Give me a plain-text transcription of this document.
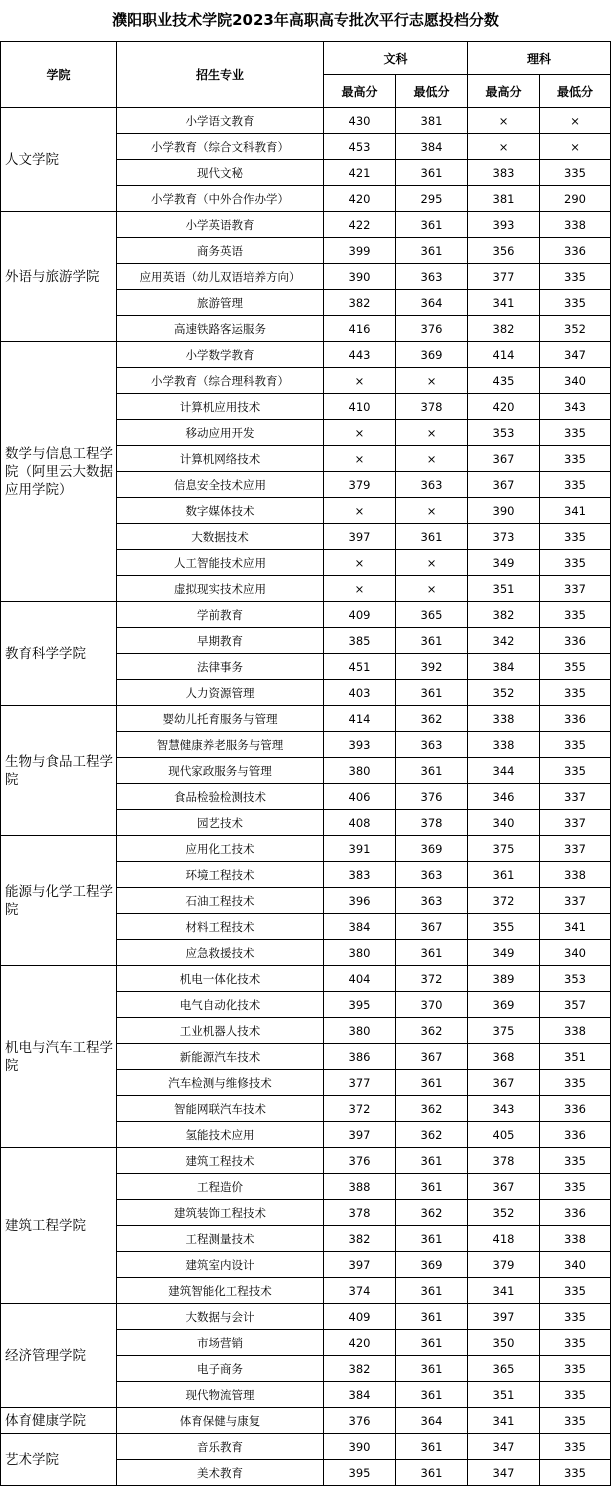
濮阳职业技术学院2023年高职高专批次平行志愿投档分数
学院	招生专业	文科		理科	
		最高分	最低分	最高分	最低分
人文学院	小学语文教育	430	381	×	×
	小学教育（综合文科教育）	453	384	×	×
	现代文秘	421	361	383	335
	小学教育（中外合作办学）	420	295	381	290
外语与旅游学院	小学英语教育	422	361	393	338
	商务英语	399	361	356	336
	应用英语（幼儿双语培养方向）	390	363	377	335
	旅游管理	382	364	341	335
	高速铁路客运服务	416	376	382	352
数学与信息工程学院（阿里云大数据应用学院）	小学数学教育	443	369	414	347
	小学教育（综合理科教育）	×	×	435	340
	计算机应用技术	410	378	420	343
	移动应用开发	×	×	353	335
	计算机网络技术	×	×	367	335
	信息安全技术应用	379	363	367	335
	数字媒体技术	×	×	390	341
	大数据技术	397	361	373	335
	人工智能技术应用	×	×	349	335
	虚拟现实技术应用	×	×	351	337
教育科学学院	学前教育	409	365	382	335
	早期教育	385	361	342	336
	法律事务	451	392	384	355
	人力资源管理	403	361	352	335
生物与食品工程学院	婴幼儿托育服务与管理	414	362	338	336
	智慧健康养老服务与管理	393	363	338	335
	现代家政服务与管理	380	361	344	335
	食品检验检测技术	406	376	346	337
	园艺技术	408	378	340	337
能源与化学工程学院	应用化工技术	391	369	375	337
	环境工程技术	383	363	361	338
	石油工程技术	396	363	372	337
	材料工程技术	384	367	355	341
	应急救援技术	380	361	349	340
机电与汽车工程学院	机电一体化技术	404	372	389	353
	电气自动化技术	395	370	369	357
	工业机器人技术	380	362	375	338
	新能源汽车技术	386	367	368	351
	汽车检测与维修技术	377	361	367	335
	智能网联汽车技术	372	362	343	336
	氢能技术应用	397	362	405	336
建筑工程学院	建筑工程技术	376	361	378	335
	工程造价	388	361	367	335
	建筑装饰工程技术	378	362	352	336
	工程测量技术	382	361	418	338
	建筑室内设计	397	369	379	340
	建筑智能化工程技术	374	361	341	335
经济管理学院	大数据与会计	409	361	397	335
	市场营销	420	361	350	335
	电子商务	382	361	365	335
	现代物流管理	384	361	351	335
体育健康学院	体育保健与康复	376	364	341	335
艺术学院	音乐教育	390	361	347	335
	美术教育	395	361	347	335
